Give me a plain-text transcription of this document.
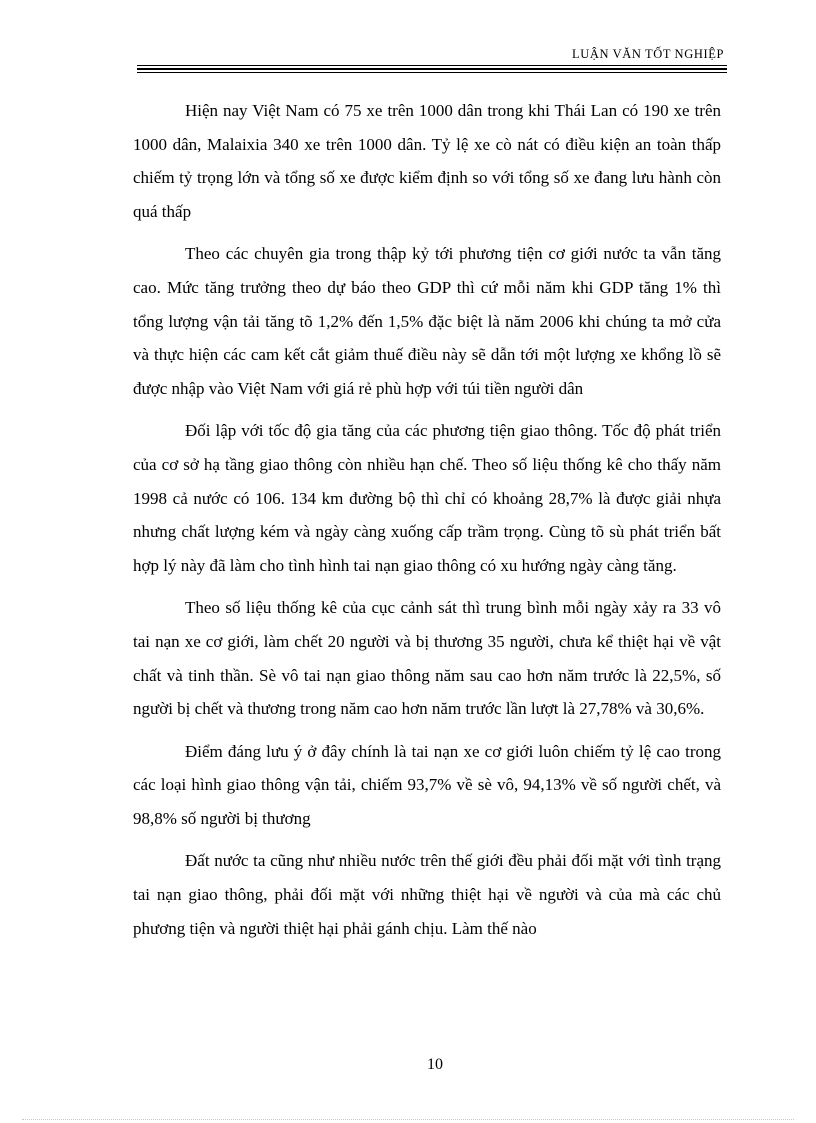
LUẬN VĂN TỐT NGHIỆP

Hiện nay Việt Nam có 75 xe trên 1000 dân trong khi Thái Lan có 190 xe trên 1000 dân, Malaixia 340 xe trên 1000 dân. Tỷ lệ xe cò nát có điều kiện an toàn thấp chiếm tỷ trọng lớn và tổng số xe được kiểm định so với tổng số xe đang lưu hành còn quá thấp

Theo các chuyên gia trong thập kỷ tới phương tiện cơ giới nước ta vẫn tăng cao. Mức tăng trưởng theo dự báo theo GDP thì cứ mỗi năm khi GDP tăng 1% thì tổng lượng vận tải tăng tõ 1,2% đến 1,5% đặc biệt là năm 2006 khi chúng ta mở cửa và thực hiện các cam kết cắt giảm thuế điều này sẽ dẫn tới một lượng xe khổng lồ sẽ được nhập vào Việt Nam với giá rẻ phù hợp với túi tiền người dân

Đối lập với tốc độ gia tăng của các phương tiện giao thông. Tốc độ phát triển của cơ sở hạ tầng giao thông còn nhiều hạn chế. Theo số liệu thống kê cho thấy năm 1998 cả nước có 106. 134 km đường bộ thì chỉ có khoảng 28,7% là được giải nhựa nhưng chất lượng kém và ngày càng xuống cấp trầm trọng. Cùng tõ sù phát triển bất hợp lý này đã làm cho tình hình tai nạn giao thông có xu hướng ngày càng tăng.

Theo số liệu thống kê của cục cảnh sát thì trung bình mỗi ngày xảy ra 33 vô tai nạn xe cơ giới, làm chết 20 người và bị thương 35 người, chưa kể thiệt hại về vật chất và tinh thần. Sè vô tai nạn giao thông năm sau cao hơn năm trước là 22,5%, số người bị chết và thương trong năm cao hơn năm trước lần lượt là 27,78% và 30,6%.

Điểm đáng lưu ý ở đây chính là tai nạn xe cơ giới luôn chiếm tỷ lệ cao trong các loại hình giao thông vận tải, chiếm 93,7% về sè vô, 94,13% về số người chết, và 98,8% số người bị thương

Đất nước ta cũng như nhiều nước trên thế giới đều phải đối mặt với tình trạng tai nạn giao thông, phải đối mặt với những thiệt hại về người và của mà các chủ phương tiện và người thiệt hại phải gánh chịu. Làm thế nào

10
